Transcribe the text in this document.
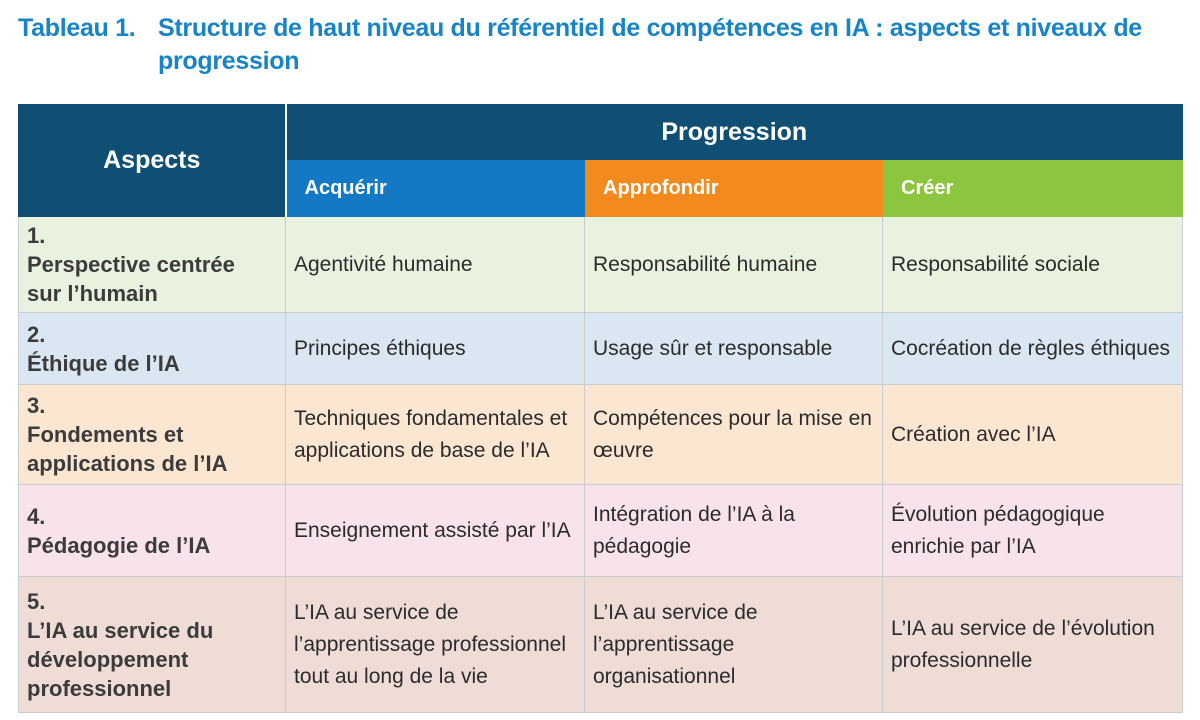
Tableau 1. Structure de haut niveau du référentiel de compétences en IA : aspects et niveaux de progression
Aspects	Progression		
	Acquérir	Approfondir	Créer
1.Perspective centrée sur l’humain	Agentivité humaine	Responsabilité humaine	Responsabilité sociale
2.Éthique de l’IA	Principes éthiques	Usage sûr et responsable	Cocréation de règles éthiques
3.Fondements et applications de l’IA	Techniques fondamentales et applications de base de l’IA	Compétences pour la mise en œuvre	Création avec l’IA
4.Pédagogie de l’IA	Enseignement assisté par l’IA	Intégration de l’IA à la pédagogie	Évolution pédagogique enrichie par l’IA
5.L’IA au service du développement professionnel	L’IA au service de l’apprentissage professionnel tout au long de la vie	L’IA au service de l’apprentissage organisationnel	L’IA au service de l’évolution professionnelle
